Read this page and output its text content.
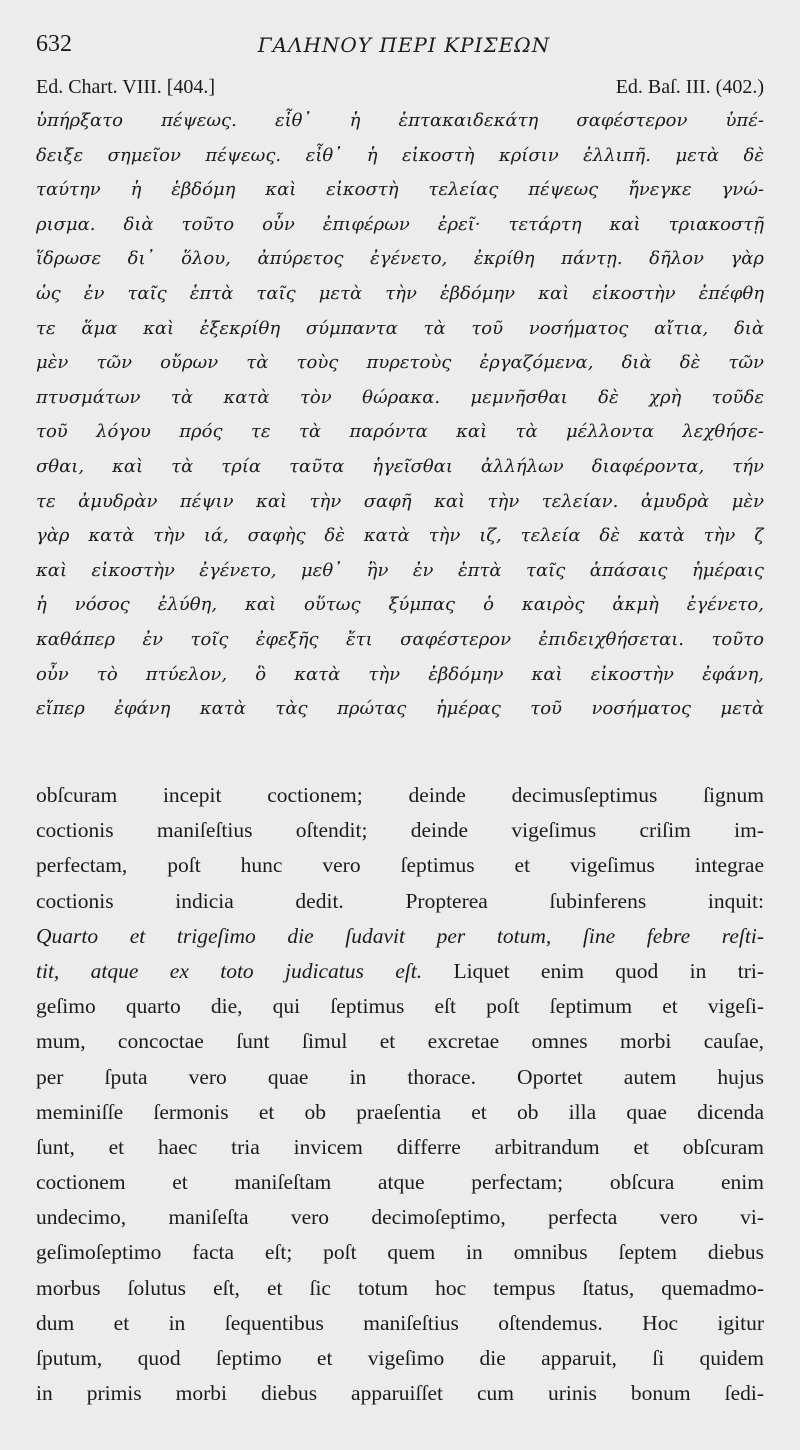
632	ΓΑΛΗΝΟΥ ΠΕΡΙ ΚΡΙΣΕΩΝ
Ed. Chart. VIII. [404.]	Ed. Baſ. III. (402.)
ὑπήρξατο πέψεως. εἶθ᾽ ἡ ἑπτακαιδεκάτη σαφέστερον ὑπέ-
δειξε σημεῖον πέψεως. εἶθ᾽ ἡ εἰκοστὴ κρίσιν ἐλλιπῆ. μετὰ δὲ
ταύτην ἡ ἑβδόμη καὶ εἰκοστὴ τελείας πέψεως ἤνεγκε γνώ-
ρισμα. διὰ τοῦτο οὖν ἐπιφέρων ἐρεῖ· τετάρτη καὶ τριακοστῇ
ἵδρωσε δι᾽ ὅλου, ἀπύρετος ἐγένετο, ἐκρίθη πάντῃ. δῆλον γὰρ
ὡς ἐν ταῖς ἑπτὰ ταῖς μετὰ τὴν ἑβδόμην καὶ εἰκοστὴν ἐπέφθη
τε ἅμα καὶ ἐξεκρίθη σύμπαντα τὰ τοῦ νοσήματος αἴτια, διὰ
μὲν τῶν οὔρων τὰ τοὺς πυρετοὺς ἐργαζόμενα, διὰ δὲ τῶν
πτυσμάτων τὰ κατὰ τὸν θώρακα. μεμνῆσθαι δὲ χρὴ τοῦδε
τοῦ λόγου πρός τε τὰ παρόντα καὶ τὰ μέλλοντα λεχθήσε-
σθαι, καὶ τὰ τρία ταῦτα ἡγεῖσθαι ἀλλήλων διαφέροντα, τήν
τε ἀμυδρὰν πέψιν καὶ τὴν σαφῆ καὶ τὴν τελείαν. ἀμυδρὰ μὲν
γὰρ κατὰ τὴν ιά, σαφὴς δὲ κατὰ τὴν ιζ, τελεία δὲ κατὰ τὴν ζ
καὶ εἰκοστὴν ἐγένετο, μεθ᾽ ἣν ἐν ἑπτὰ ταῖς ἁπάσαις ἡμέραις
ἡ νόσος ἐλύθη, καὶ οὕτως ξύμπας ὁ καιρὸς ἀκμὴ ἐγένετο,
καθάπερ ἐν τοῖς ἐφεξῆς ἔτι σαφέστερον ἐπιδειχθήσεται. τοῦτο
οὖν τὸ πτύελον, ὃ κατὰ τὴν ἑβδόμην καὶ εἰκοστὴν ἐφάνη,
εἴπερ ἐφάνη κατὰ τὰς πρώτας ἡμέρας τοῦ νοσήματος μετὰ
obſcuram incepit coctionem; deinde decimusſeptimus ſignum
coctionis maniſeſtius oſtendit; deinde vigeſimus criſim im-
perfectam, poſt hunc vero ſeptimus et vigeſimus integrae
coctionis indicia dedit. Propterea ſubinferens inquit:
Quarto et trigeſimo die ſudavit per totum, ſine febre reſti-
tit, atque ex toto judicatus eſt. Liquet enim quod in tri-
geſimo quarto die, qui ſeptimus eſt poſt ſeptimum et vigeſi-
mum, concoctae ſunt ſimul et excretae omnes morbi cauſae,
per ſputa vero quae in thorace. Oportet autem hujus
meminiſſe ſermonis et ob praeſentia et ob illa quae dicenda
ſunt, et haec tria invicem differre arbitrandum et obſcuram
coctionem et maniſeſtam atque perfectam; obſcura enim
undecimo, maniſeſta vero decimoſeptimo, perfecta vero vi-
geſimoſeptimo facta eſt; poſt quem in omnibus ſeptem diebus
morbus ſolutus eſt, et ſic totum hoc tempus ſtatus, quemadmo-
dum et in ſequentibus maniſeſtius oſtendemus. Hoc igitur
ſputum, quod ſeptimo et vigeſimo die apparuit, ſi quidem
in primis morbi diebus apparuiſſet cum urinis bonum ſedi-
